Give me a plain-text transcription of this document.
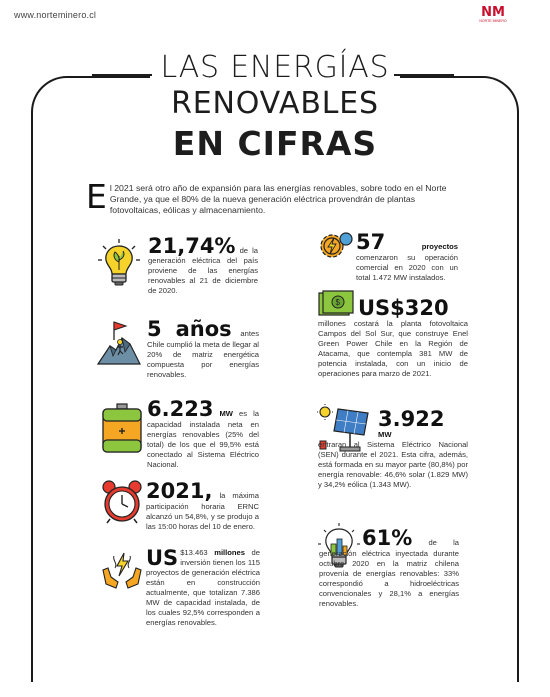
www.norteminero.cl	NM
NORTE MINERO
LAS ENERGÍAS
RENOVABLES
EN CIFRAS
E l 2021 será otro año de expansión para las energías renovables, sobre todo en el Norte Grande, ya que el 80% de la nueva generación eléctrica provendrán de plantas fotovoltaicas, eólicas y almacenamiento.
21,74% de la generación eléctrica del país proviene de las energías renovables al 21 de diciembre de 2020.
5 años antes Chile cumplió la meta de llegar al 20% de matriz energética compuesta por energías renovables.
6.223 MW es la capacidad instalada neta en energías renovables (25% del total) de los que el 99,5% está conectado al Sistema Eléctrico Nacional.
2021, la máxima participación horaria ERNC alcanzó un 54,8%, y se produjo a las 15:00 horas del 10 de enero.
US $13.463 millones de inversión tienen los 115 proyectos de generación eléctrica están en construcción actualmente, que totalizan 7.386 MW de capacidad instalada, de los cuales 92,5% corresponden a energías renovables.
57	proyectos comenzaron su operación comercial en 2020 con un total 1.472 MW instalados.
$ US$320
millones costará la planta fotovoltaica Campos del Sol Sur, que construye Enel Green Power Chile en la Región de Atacama, que contempla 381 MW de potencia instalada, con un inicio de operaciones para marzo de 2021.
3.922
MW
entraran al Sistema Eléctrico Nacional (SEN) durante el 2021. Esta cifra, además, está formada en su mayor parte (80,8%) por energía renovable: 46,6% solar (1.829 MW) y 34,2% eólica (1.343 MW).
61% de la generación eléctrica inyectada durante octubre 2020 en la matriz chilena provenía de energías renovables: 33% correspondió a hidroeléctricas convencionales y 28,1% a energías renovables.
